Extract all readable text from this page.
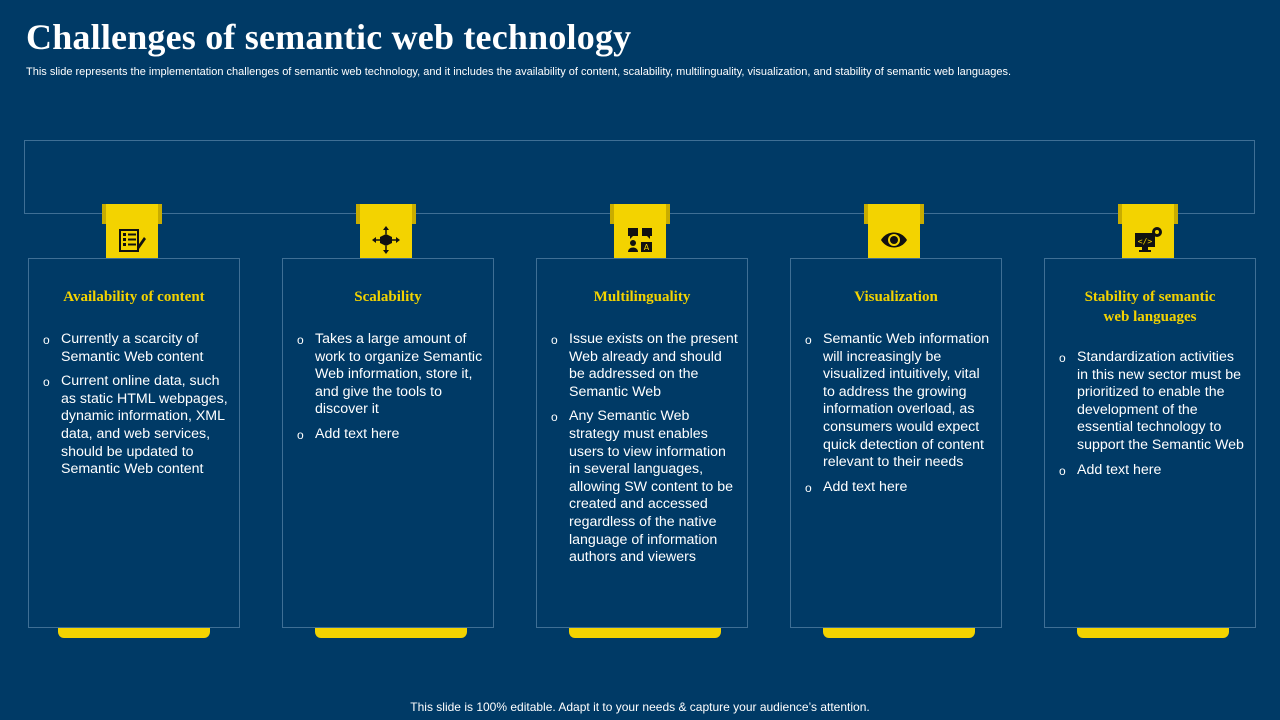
Challenges of semantic web technology

This slide represents the implementation challenges of semantic web technology, and it includes the availability of content, scalability, multilinguality, visualization, and stability of semantic web languages.

Availability of content
o Currently a scarcity of Semantic Web content
o Current online data, such as static HTML webpages, dynamic information, XML data, and web services, should be updated to Semantic Web content
Scalability
o Takes a large amount of work to organize Semantic Web information, store it, and give the tools to discover it
o Add text here
A
Multilinguality
o Issue exists on the present Web already and should be addressed on the Semantic Web
o Any Semantic Web strategy must enables users to view information in several languages, allowing SW content to be created and accessed regardless of the native language of information authors and viewers
Visualization
o Semantic Web information will increasingly be visualized intuitively, vital to address the growing information overload, as consumers would expect quick detection of content relevant to their needs
o Add text here
</>
Stability of semantic web languages
o Standardization activities in this new sector must be prioritized to enable the development of the essential technology to support the Semantic Web
o Add text here
This slide is 100% editable. Adapt it to your needs & capture your audience’s attention.
